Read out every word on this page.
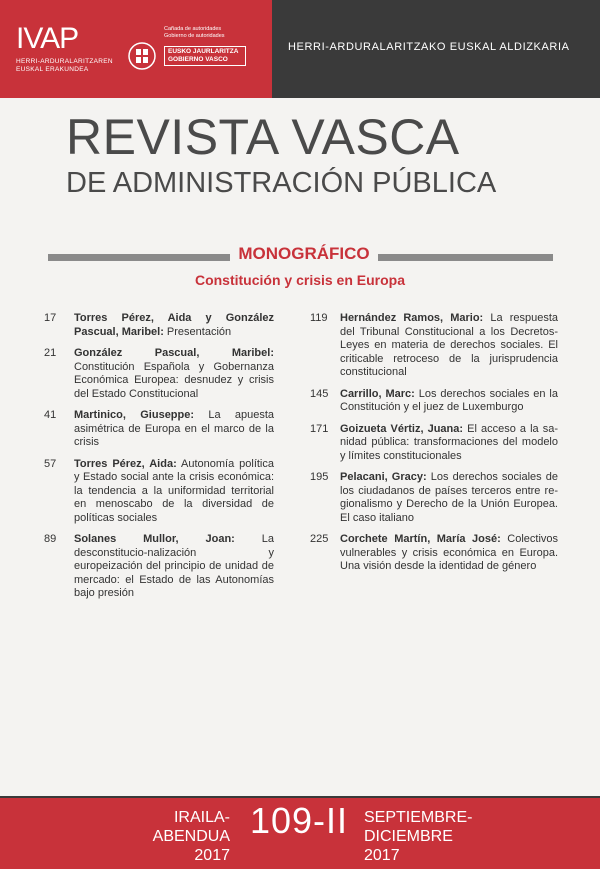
IVAP
HERRI-ARDURALARITZAREN
EUSKAL ERAKUNDEA
Cañada de autoridades
Gobierno de autoridades
EUSKO JAURLARITZA
GOBIERNO VASCO
HERRI-ARDURALARITZAKO EUSKAL ALDIZKARIA
REVISTA VASCA
DE ADMINISTRACIÓN PÚBLICA
MONOGRÁFICO
Constitución y crisis en Europa
17	Torres Pérez, Aida y González Pascual, Maribel: Presentación
21	González Pascual, Maribel: Constitución Española y Gobernanza Económica Europea: desnudez y crisis del Estado Constitucional
41	Martinico, Giuseppe: La apuesta asimétrica de Europa en el marco de la crisis
57	Torres Pérez, Aida: Autonomía política y Estado social ante la crisis económica: la tendencia a la uniformidad territorial en menoscabo de la diversidad de políticas sociales
89	Solanes Mullor, Joan: La desconstitucio-nalización y europeización del principio de unidad de mercado: el Estado de las Autonomías bajo presión
119	Hernández Ramos, Mario: La respuesta del Tribunal Constitucional a los Decretos-Leyes en materia de derechos sociales. El criticable retroceso de la jurisprudencia constitucional
145	Carrillo, Marc: Los derechos sociales en la Constitución y el juez de Luxemburgo
171	Goizueta Vértiz, Juana: El acceso a la sa-nidad pública: transformaciones del modelo y límites constitucionales
195	Pelacani, Gracy: Los derechos sociales de los ciudadanos de países terceros entre re-gionalismo y Derecho de la Unión Europea. El caso italiano
225	Corchete Martín, María José: Colectivos vulnerables y crisis económica en Europa. Una visión desde la identidad de género
IRAILA-ABENDUA
2017
109-II SEPTIEMBRE-DICIEMBRE
2017
